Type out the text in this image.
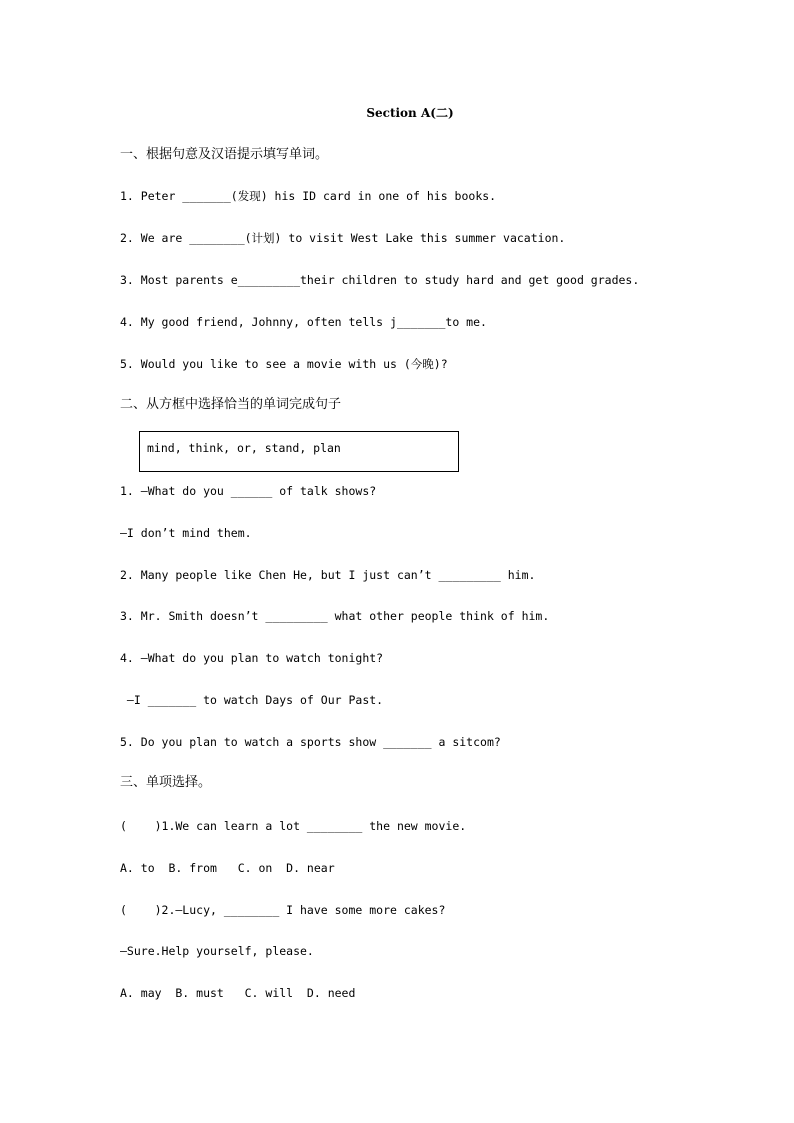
Section A(二)
一、根据句意及汉语提示填写单词。
1. Peter _______(发现) his ID card in one of his books.
2. We are ________(计划) to visit West Lake this summer vacation.
3. Most parents e_________their children to study hard and get good grades.
4. My good friend, Johnny, often tells j_______to me.
5. Would you like to see a movie with us (今晚)?
二、从方框中选择恰当的单词完成句子
mind, think, or, stand, plan
1. —What do you ______ of talk shows?
—I don’t mind them.
2. Many people like Chen He, but I just can’t _________ him.
3. Mr. Smith doesn’t _________ what other people think of him.
4. —What do you plan to watch tonight?
—I _______ to watch Days of Our Past.
5. Do you plan to watch a sports show _______ a sitcom?
三、单项选择。
(    )1.We can learn a lot ________ the new movie.
A. to  B. from   C. on  D. near
(    )2.—Lucy, ________ I have some more cakes?
—Sure.Help yourself, please.
A. may  B. must   C. will  D. need
